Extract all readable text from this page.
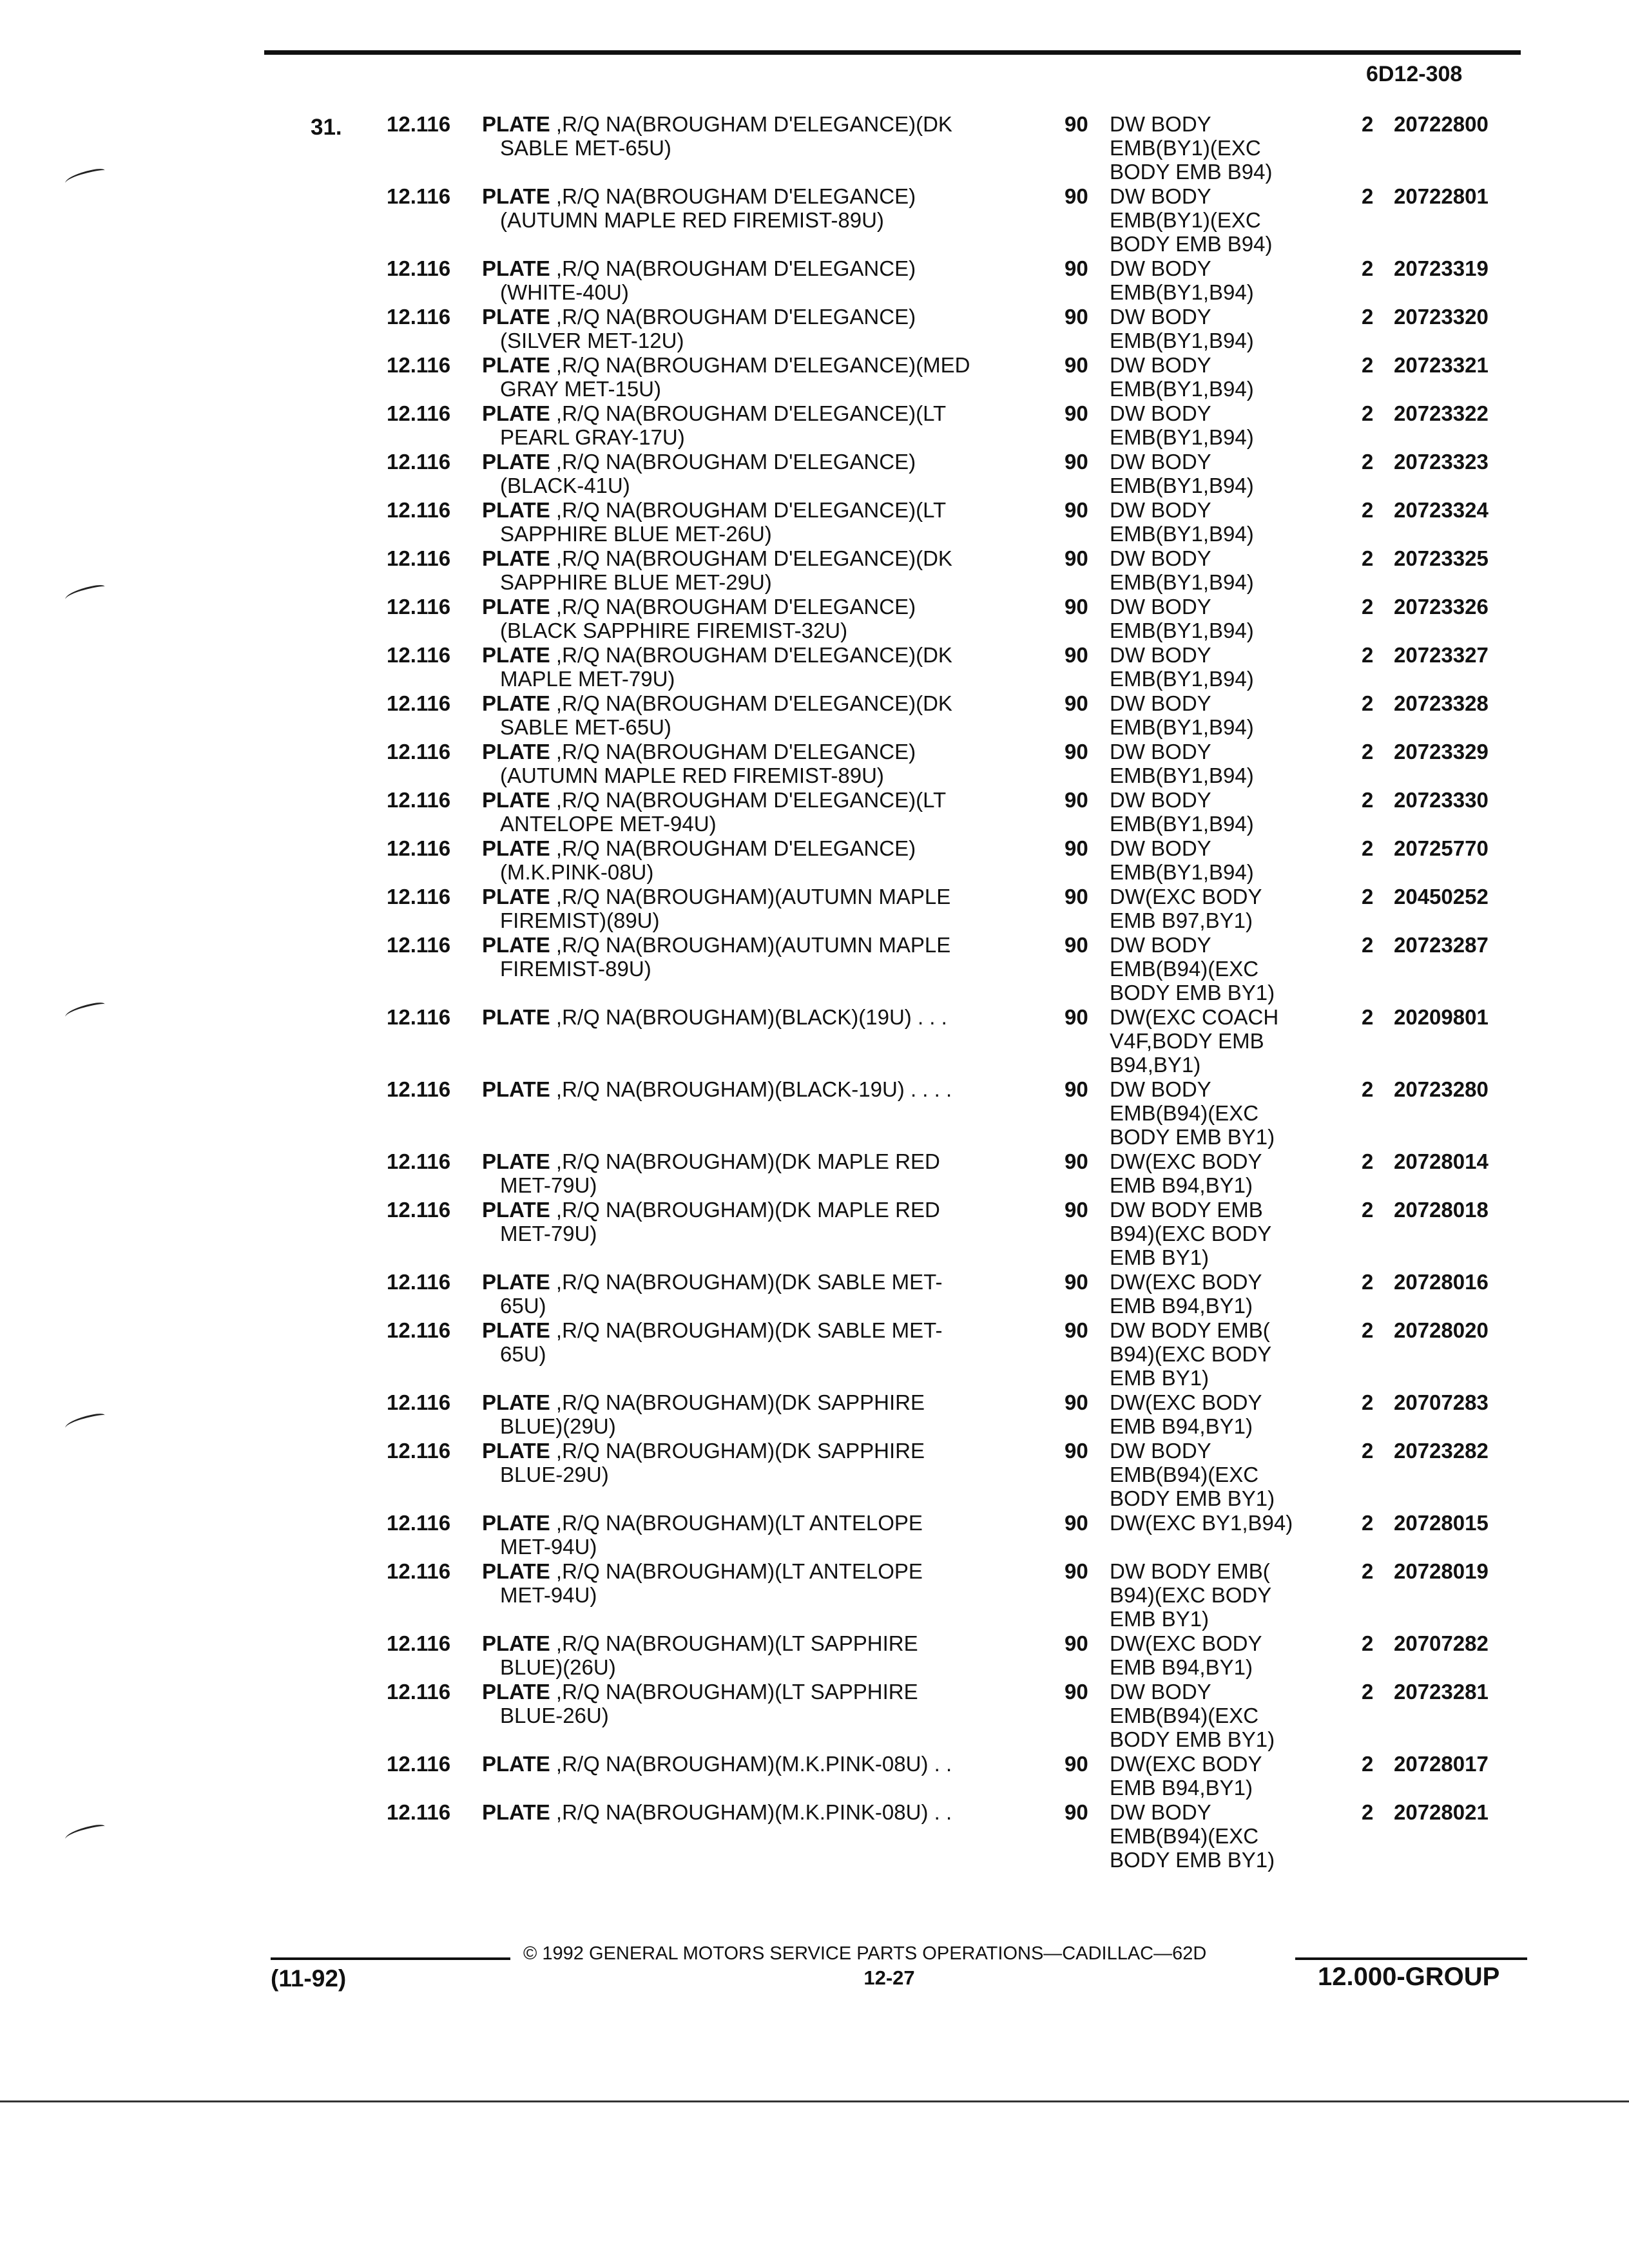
6D12-308
31. 12.116 PLATE ,R/Q NA(BROUGHAM D'ELEGANCE)(DK
SABLE MET-65U)
90 DW BODY
EMB(BY1)(EXC
BODY EMB B94)
2 20722800
12.116 PLATE ,R/Q NA(BROUGHAM D'ELEGANCE)
(AUTUMN MAPLE RED FIREMIST-89U)
90 DW BODY
EMB(BY1)(EXC
BODY EMB B94)
2 20722801
12.116 PLATE ,R/Q NA(BROUGHAM D'ELEGANCE)
(WHITE-40U)
90 DW BODY
EMB(BY1,B94)
2 20723319
12.116 PLATE ,R/Q NA(BROUGHAM D'ELEGANCE)
(SILVER MET-12U)
90 DW BODY
EMB(BY1,B94)
2 20723320
12.116 PLATE ,R/Q NA(BROUGHAM D'ELEGANCE)(MED
GRAY MET-15U)
90 DW BODY
EMB(BY1,B94)
2 20723321
12.116 PLATE ,R/Q NA(BROUGHAM D'ELEGANCE)(LT
PEARL GRAY-17U)
90 DW BODY
EMB(BY1,B94)
2 20723322
12.116 PLATE ,R/Q NA(BROUGHAM D'ELEGANCE)
(BLACK-41U)
90 DW BODY
EMB(BY1,B94)
2 20723323
12.116 PLATE ,R/Q NA(BROUGHAM D'ELEGANCE)(LT
SAPPHIRE BLUE MET-26U)
90 DW BODY
EMB(BY1,B94)
2 20723324
12.116 PLATE ,R/Q NA(BROUGHAM D'ELEGANCE)(DK
SAPPHIRE BLUE MET-29U)
90 DW BODY
EMB(BY1,B94)
2 20723325
12.116 PLATE ,R/Q NA(BROUGHAM D'ELEGANCE)
(BLACK SAPPHIRE FIREMIST-32U)
90 DW BODY
EMB(BY1,B94)
2 20723326
12.116 PLATE ,R/Q NA(BROUGHAM D'ELEGANCE)(DK
MAPLE MET-79U)
90 DW BODY
EMB(BY1,B94)
2 20723327
12.116 PLATE ,R/Q NA(BROUGHAM D'ELEGANCE)(DK
SABLE MET-65U)
90 DW BODY
EMB(BY1,B94)
2 20723328
12.116 PLATE ,R/Q NA(BROUGHAM D'ELEGANCE)
(AUTUMN MAPLE RED FIREMIST-89U)
90 DW BODY
EMB(BY1,B94)
2 20723329
12.116 PLATE ,R/Q NA(BROUGHAM D'ELEGANCE)(LT
ANTELOPE MET-94U)
90 DW BODY
EMB(BY1,B94)
2 20723330
12.116 PLATE ,R/Q NA(BROUGHAM D'ELEGANCE)
(M.K.PINK-08U)
90 DW BODY
EMB(BY1,B94)
2 20725770
12.116 PLATE ,R/Q NA(BROUGHAM)(AUTUMN MAPLE
FIREMIST)(89U)
90 DW(EXC BODY
EMB B97,BY1)
2 20450252
12.116 PLATE ,R/Q NA(BROUGHAM)(AUTUMN MAPLE
FIREMIST-89U)
90 DW BODY
EMB(B94)(EXC
BODY EMB BY1)
2 20723287
12.116 PLATE ,R/Q NA(BROUGHAM)(BLACK)(19U) . . .	90 DW(EXC COACH
V4F,BODY EMB
B94,BY1)
2 20209801
12.116 PLATE ,R/Q NA(BROUGHAM)(BLACK-19U) . . . .	90 DW BODY
EMB(B94)(EXC
BODY EMB BY1)
2 20723280
12.116 PLATE ,R/Q NA(BROUGHAM)(DK MAPLE RED
MET-79U)
90 DW(EXC BODY
EMB B94,BY1)
2 20728014
12.116 PLATE ,R/Q NA(BROUGHAM)(DK MAPLE RED
MET-79U)
90 DW BODY EMB
B94)(EXC BODY
EMB BY1)
2 20728018
12.116 PLATE ,R/Q NA(BROUGHAM)(DK SABLE MET-
65U)
90 DW(EXC BODY
EMB B94,BY1)
2 20728016
12.116 PLATE ,R/Q NA(BROUGHAM)(DK SABLE MET-
65U)
90 DW BODY EMB(
B94)(EXC BODY
EMB BY1)
2 20728020
12.116 PLATE ,R/Q NA(BROUGHAM)(DK SAPPHIRE
BLUE)(29U)
90 DW(EXC BODY
EMB B94,BY1)
2 20707283
12.116 PLATE ,R/Q NA(BROUGHAM)(DK SAPPHIRE
BLUE-29U)
90 DW BODY
EMB(B94)(EXC
BODY EMB BY1)
2 20723282
12.116 PLATE ,R/Q NA(BROUGHAM)(LT ANTELOPE
MET-94U)
90 DW(EXC BY1,B94)	2 20728015
12.116 PLATE ,R/Q NA(BROUGHAM)(LT ANTELOPE
MET-94U)
90 DW BODY EMB(
B94)(EXC BODY
EMB BY1)
2 20728019
12.116 PLATE ,R/Q NA(BROUGHAM)(LT SAPPHIRE
BLUE)(26U)
90 DW(EXC BODY
EMB B94,BY1)
2 20707282
12.116 PLATE ,R/Q NA(BROUGHAM)(LT SAPPHIRE
BLUE-26U)
90 DW BODY
EMB(B94)(EXC
BODY EMB BY1)
2 20723281
12.116 PLATE ,R/Q NA(BROUGHAM)(M.K.PINK-08U) . .	90 DW(EXC BODY
EMB B94,BY1)
2 20728017
12.116 PLATE ,R/Q NA(BROUGHAM)(M.K.PINK-08U) . .	90 DW BODY
EMB(B94)(EXC
BODY EMB BY1)
2 20728021
© 1992 GENERAL MOTORS SERVICE PARTS OPERATIONS—CADILLAC—62D
12-27
(11-92)	12.000-GROUP
